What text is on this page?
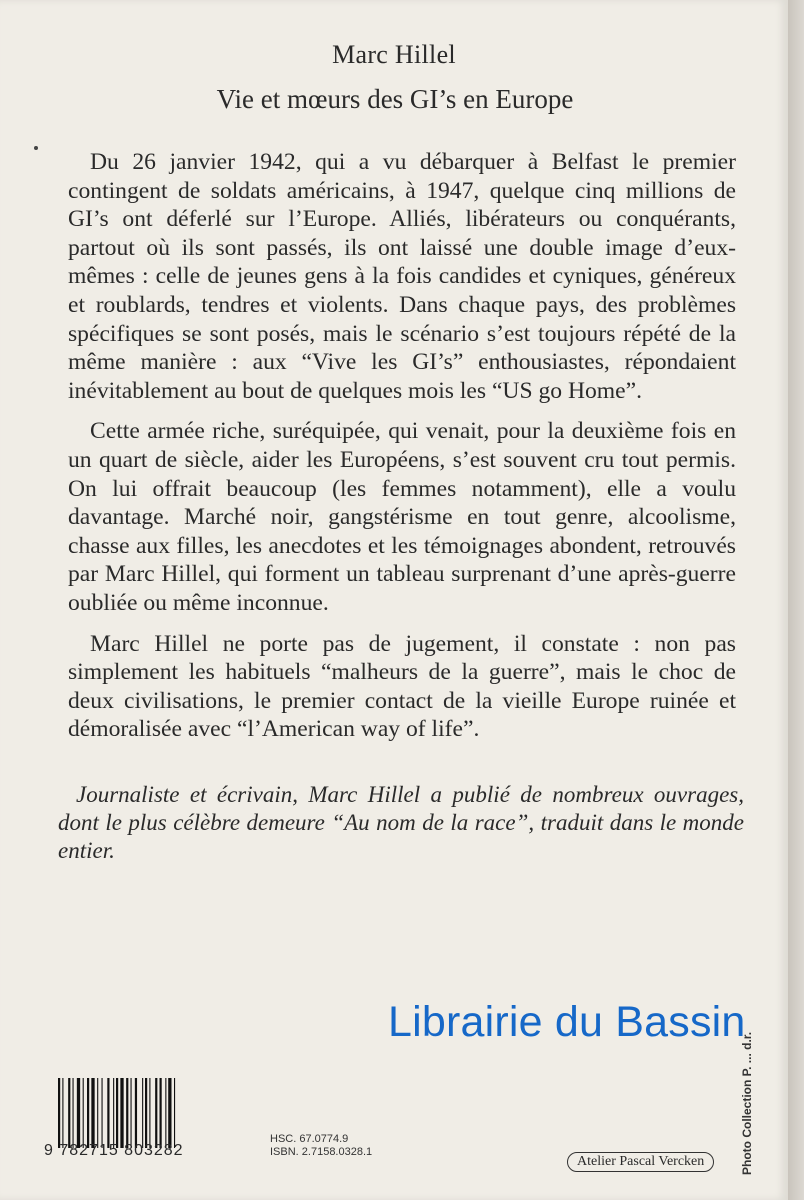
Marc Hillel
Vie et mœurs des GI’s en Europe

Du 26 janvier 1942, qui a vu débarquer à Belfast le premier contingent de soldats américains, à 1947, quelque cinq millions de GI’s ont déferlé sur l’Europe. Alliés, libérateurs ou conquérants, partout où ils sont passés, ils ont laissé une double image d’eux-mêmes : celle de jeunes gens à la fois candides et cyniques, généreux et roublards, tendres et violents. Dans chaque pays, des problèmes spécifiques se sont posés, mais le scénario s’est toujours répété de la même manière : aux “Vive les GI’s” enthousiastes, répondaient inévitablement au bout de quelques mois les “US go Home”.

Cette armée riche, suréquipée, qui venait, pour la deuxième fois en un quart de siècle, aider les Européens, s’est souvent cru tout permis. On lui offrait beaucoup (les femmes notamment), elle a voulu davantage. Marché noir, gangstérisme en tout genre, alcoolisme, chasse aux filles, les anecdotes et les témoignages abondent, retrouvés par Marc Hillel, qui forment un tableau surprenant d’une après-guerre oubliée ou même inconnue.

Marc Hillel ne porte pas de jugement, il constate : non pas simplement les habituels “malheurs de la guerre”, mais le choc de deux civilisations, le premier contact de la vieille Europe ruinée et démoralisée avec “l’American way of life”.

Journaliste et écrivain, Marc Hillel a publié de nombreux ouvrages, dont le plus célèbre demeure “Au nom de la race”, traduit dans le monde entier.
Librairie du Bassin
Photo Collection P. ... d.r.
9 782715 803282
HSC. 67.0774.9
ISBN. 2.7158.0328.1
Atelier Pascal Vercken
